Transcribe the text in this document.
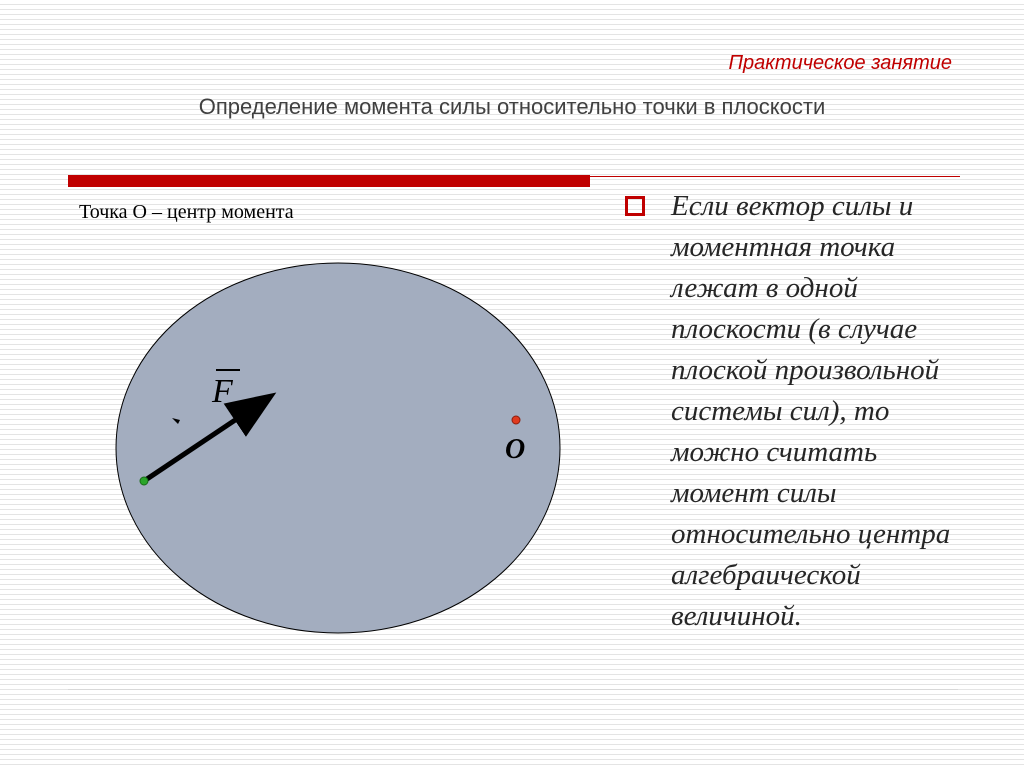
Практическое занятие
Определение момента силы относительно точки в плоскости
Точка О – центр момента
F
О
Если вектор силы и
моментная точка
лежат в одной
плоскости (в случае
плоской произвольной
системы сил), то
можно считать
момент силы
относительно центра
алгебраической
величиной.
